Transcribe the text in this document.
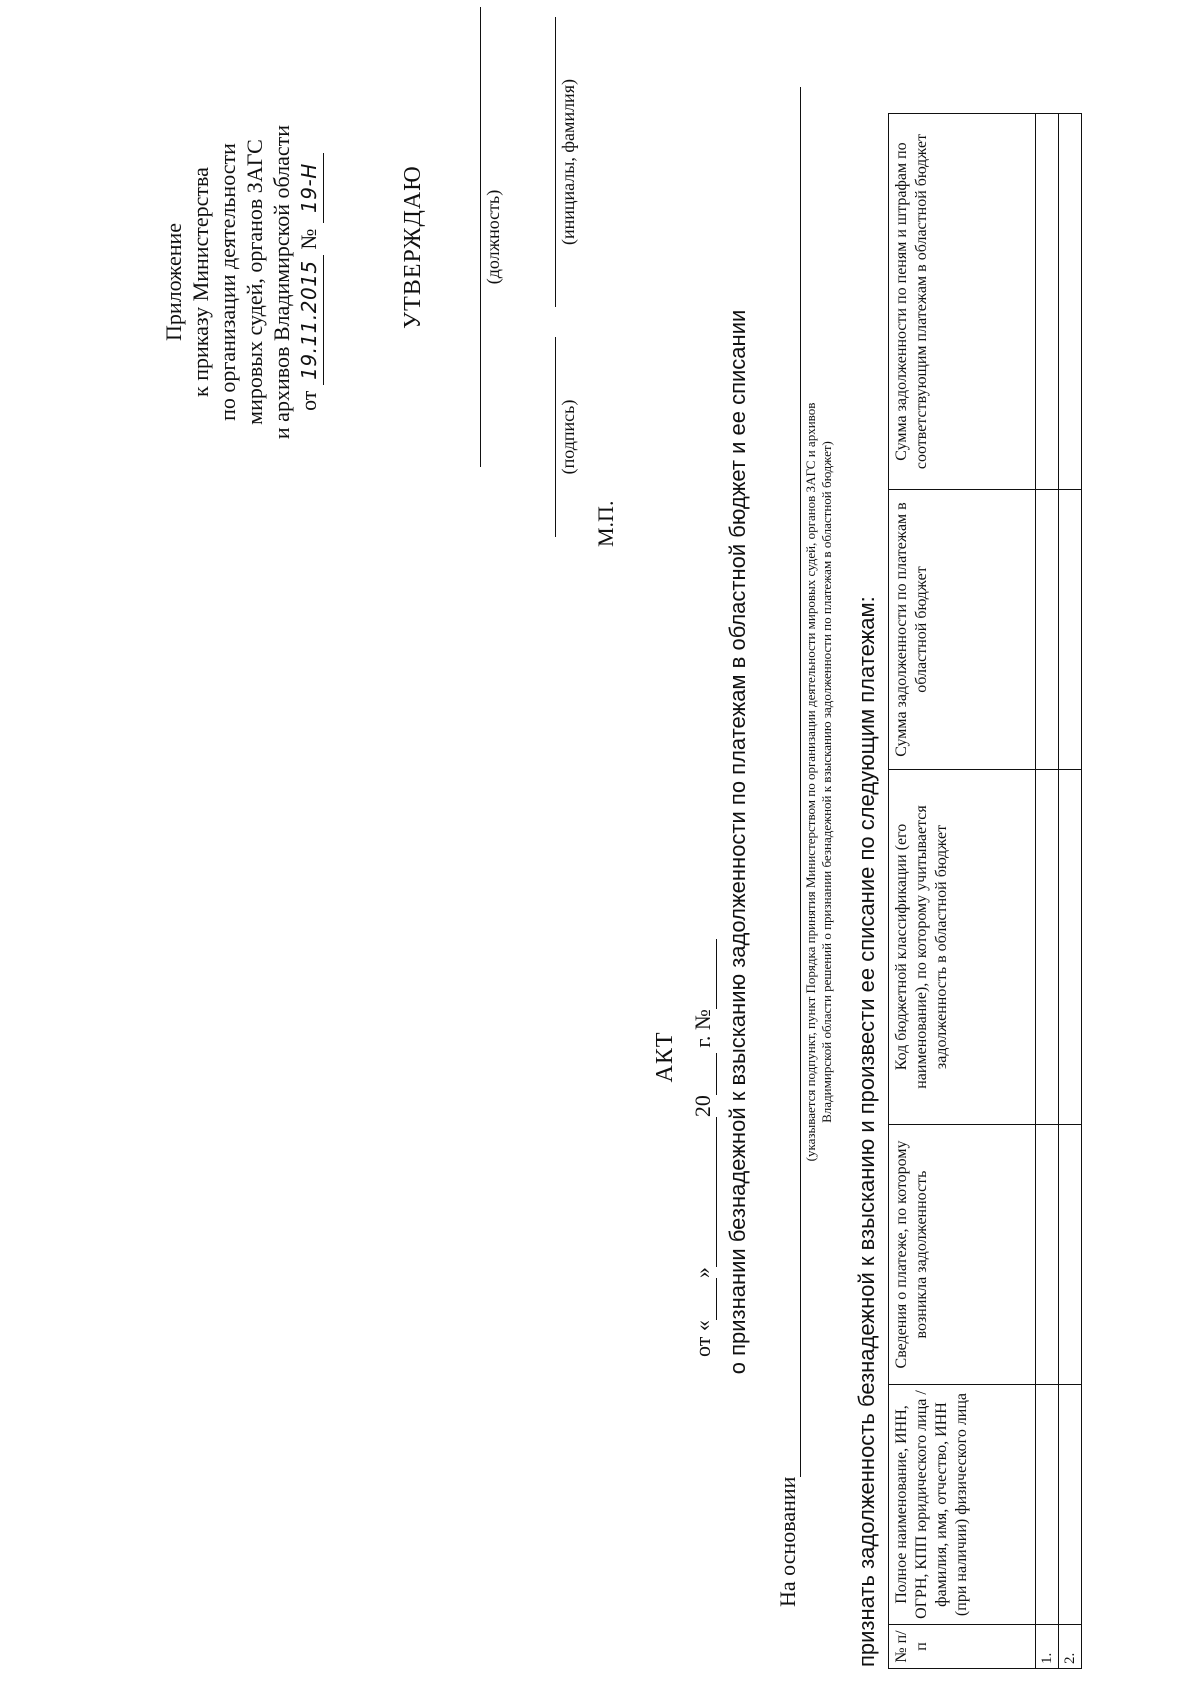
Приложение к приказу Министерства по организации деятельности мировых судей, органов ЗАГС и архивов Владимирской области от 19.11.2015 № 19-Н	УТВЕРЖДАЮ	(должность)
(подпись)
(инициалы, фамилия)
М.П.
АКТ
от « » 20  г. № о признании безнадежной к взысканию задолженности по платежам в областной бюджет и ее списании
На основании
(указывается подпункт, пункт Порядка принятия Министерством по организации деятельности мировых судей, органов ЗАГС и архивов Владимирской области решений о признании безнадежной к взысканию задолженности по платежам в областной бюджет) признать задолженность безнадежной к взысканию и произвести ее списание по следующим платежам: № п/п	Полное наименование, ИНН, ОГРН, КПП юридического лица / фамилия, имя, отчество, ИНН (при наличии) физического лица	Сведения о платеже, по которому возникла задолженность	Код бюджетной классификации (его наименование), по которому учитывается задолженность в областной бюджет	Сумма задолженности по платежам в областной бюджет	Сумма задолженности по пеням и штрафам по соответствующим платежам в областной бюджет
1.					
2.					
